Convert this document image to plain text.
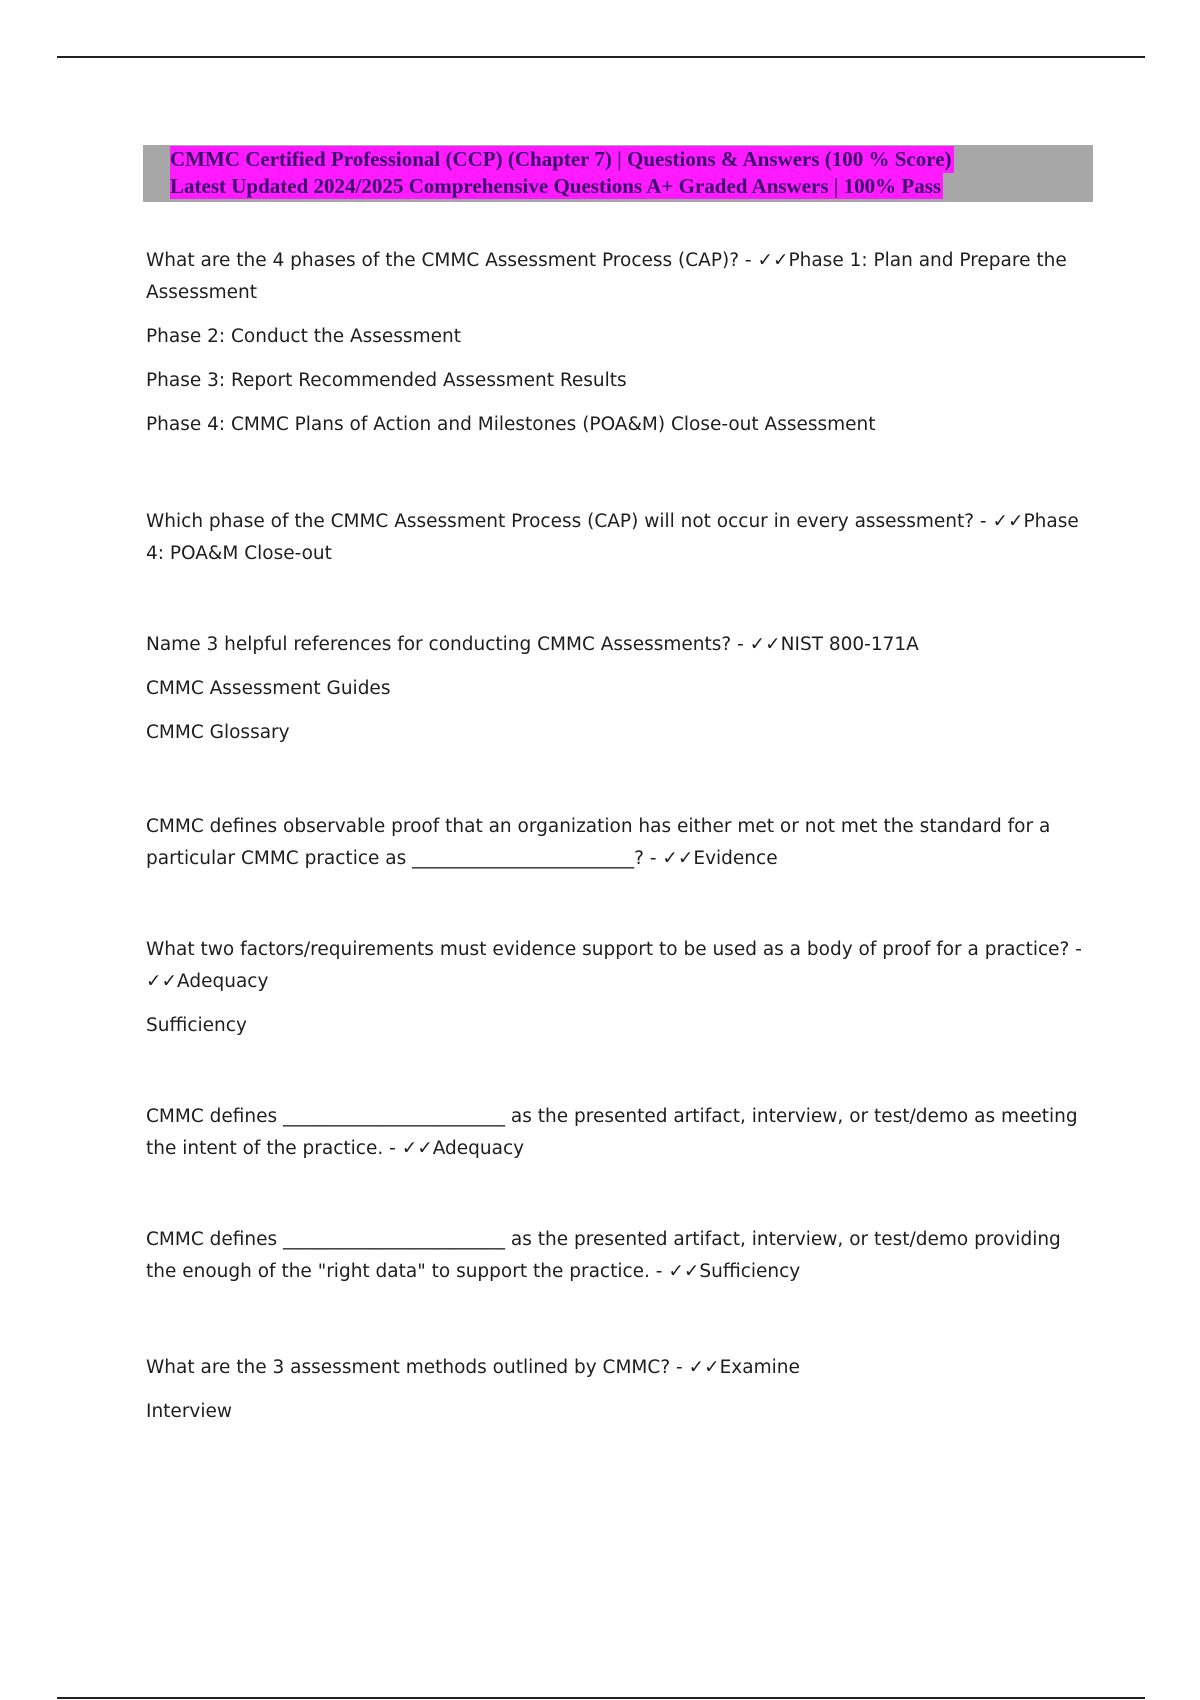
CMMC Certified Professional (CCP) (Chapter 7) | Questions & Answers (100 % Score)
Latest Updated 2024/2025 Comprehensive Questions A+ Graded Answers | 100% Pass

What are the 4 phases of the CMMC Assessment Process (CAP)? - ✓✓Phase 1: Plan and Prepare the Assessment

Phase 2: Conduct the Assessment

Phase 3: Report Recommended Assessment Results

Phase 4: CMMC Plans of Action and Milestones (POA&M) Close-out Assessment

Which phase of the CMMC Assessment Process (CAP) will not occur in every assessment? - ✓✓Phase 4: POA&M Close-out

Name 3 helpful references for conducting CMMC Assessments? - ✓✓NIST 800-171A

CMMC Assessment Guides

CMMC Glossary

CMMC defines observable proof that an organization has either met or not met the standard for a particular CMMC practice as ________________________? - ✓✓Evidence

What two factors/requirements must evidence support to be used as a body of proof for a practice? - ✓✓Adequacy

Sufficiency

CMMC defines ________________________ as the presented artifact, interview, or test/demo as meeting the intent of the practice. - ✓✓Adequacy

CMMC defines ________________________ as the presented artifact, interview, or test/demo providing the enough of the "right data" to support the practice. - ✓✓Sufficiency

What are the 3 assessment methods outlined by CMMC? - ✓✓Examine

Interview
